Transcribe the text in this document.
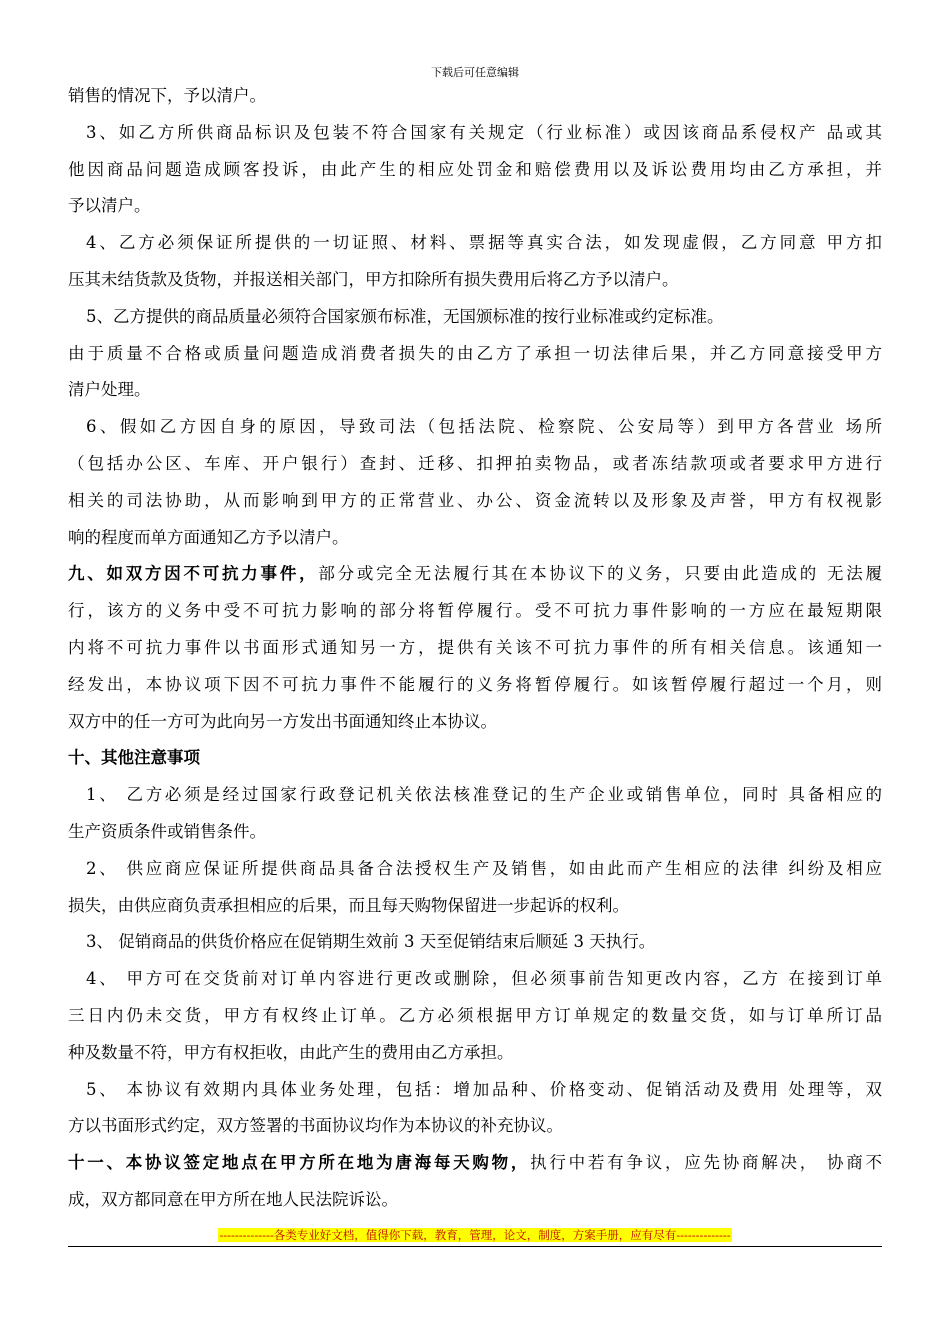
下载后可任意编辑
销售的情况下，予以清户。
3、如乙方所供商品标识及包装不符合国家有关规定（行业标准）或因该商品系侵权产 品或其
他因商品问题造成顾客投诉，由此产生的相应处罚金和赔偿费用以及诉讼费用均由乙方承担，并
予以清户。
4、乙方必须保证所提供的一切证照、材料、票据等真实合法，如发现虚假，乙方同意 甲方扣
压其未结货款及货物，并报送相关部门，甲方扣除所有损失费用后将乙方予以清户。
5、乙方提供的商品质量必须符合国家颁布标准，无国颁标准的按行业标准或约定标准。
由于质量不合格或质量问题造成消费者损失的由乙方了承担一切法律后果，并乙方同意接受甲方
清户处理。
6、假如乙方因自身的原因，导致司法（包括法院、检察院、公安局等）到甲方各营业 场所
（包括办公区、车库、开户银行）查封、迁移、扣押拍卖物品，或者冻结款项或者要求甲方进行
相关的司法协助，从而影响到甲方的正常营业、办公、资金流转以及形象及声誉，甲方有权视影
响的程度而单方面通知乙方予以清户。
九、如双方因不可抗力事件，部分或完全无法履行其在本协议下的义务，只要由此造成的 无法履
行，该方的义务中受不可抗力影响的部分将暂停履行。受不可抗力事件影响的一方应在最短期限
内将不可抗力事件以书面形式通知另一方，提供有关该不可抗力事件的所有相关信息。该通知一
经发出，本协议项下因不可抗力事件不能履行的义务将暂停履行。如该暂停履行超过一个月，则
双方中的任一方可为此向另一方发出书面通知终止本协议。
十、其他注意事项
1、 乙方必须是经过国家行政登记机关依法核准登记的生产企业或销售单位，同时 具备相应的
生产资质条件或销售条件。
2、 供应商应保证所提供商品具备合法授权生产及销售，如由此而产生相应的法律 纠纷及相应
损失，由供应商负责承担相应的后果，而且每天购物保留进一步起诉的权利。
3、 促销商品的供货价格应在促销期生效前 3 天至促销结束后顺延 3 天执行。
4、 甲方可在交货前对订单内容进行更改或删除，但必须事前告知更改内容，乙方 在接到订单
三日内仍未交货，甲方有权终止订单。乙方必须根据甲方订单规定的数量交货，如与订单所订品
种及数量不符，甲方有权拒收，由此产生的费用由乙方承担。
5、 本协议有效期内具体业务处理，包括：增加品种、价格变动、促销活动及费用 处理等，双
方以书面形式约定，双方签署的书面协议均作为本协议的补充协议。
十一、本协议签定地点在甲方所在地为唐海每天购物，执行中若有争议，应先协商解决， 协商不
成，双方都同意在甲方所在地人民法院诉讼。
--------------各类专业好文档，值得你下载，教育，管理，论文，制度，方案手册，应有尽有--------------
